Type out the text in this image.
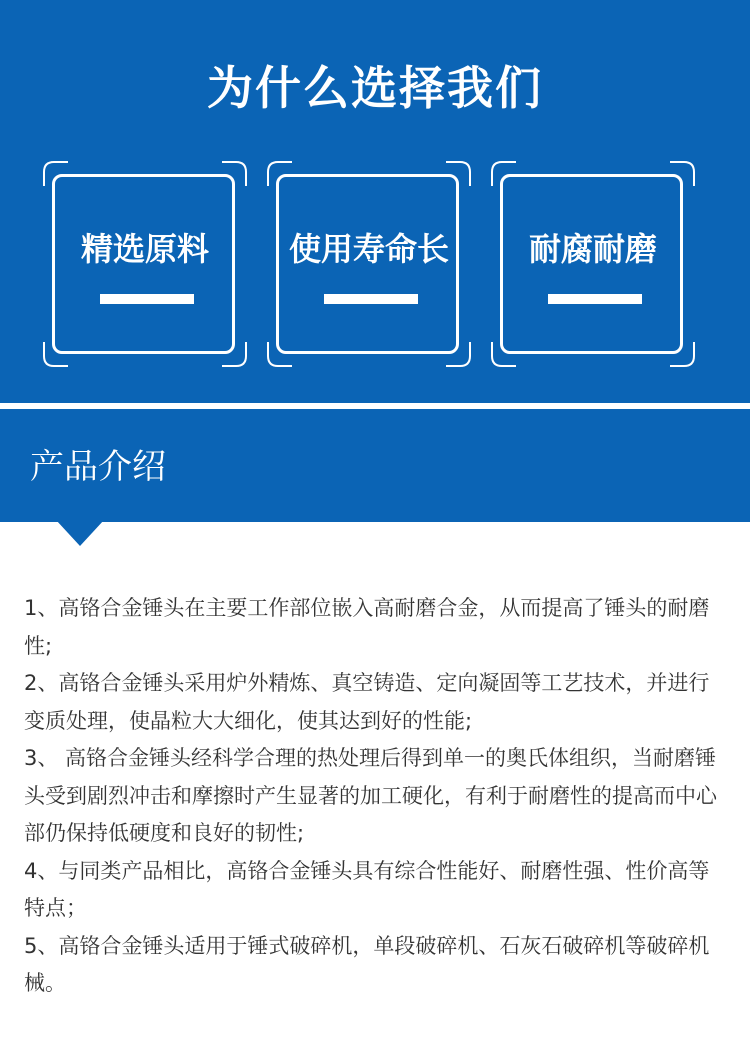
为什么选择我们
精选原料	使用寿命长	耐腐耐磨
产品介绍

1、高铬合金锤头在主要工作部位嵌入高耐磨合金，从而提高了锤头的耐磨性;

2、高铬合金锤头采用炉外精炼、真空铸造、定向凝固等工艺技术，并进行变质处理，使晶粒大大细化，使其达到好的性能;

3、 高铬合金锤头经科学合理的热处理后得到单一的奥氏体组织，当耐磨锤头受到剧烈冲击和摩擦时产生显著的加工硬化，有利于耐磨性的提高而中心部仍保持低硬度和良好的韧性;

4、与同类产品相比，高铬合金锤头具有综合性能好、耐磨性强、性价高等特点；

5、高铬合金锤头适用于锤式破碎机，单段破碎机、石灰石破碎机等破碎机械。
